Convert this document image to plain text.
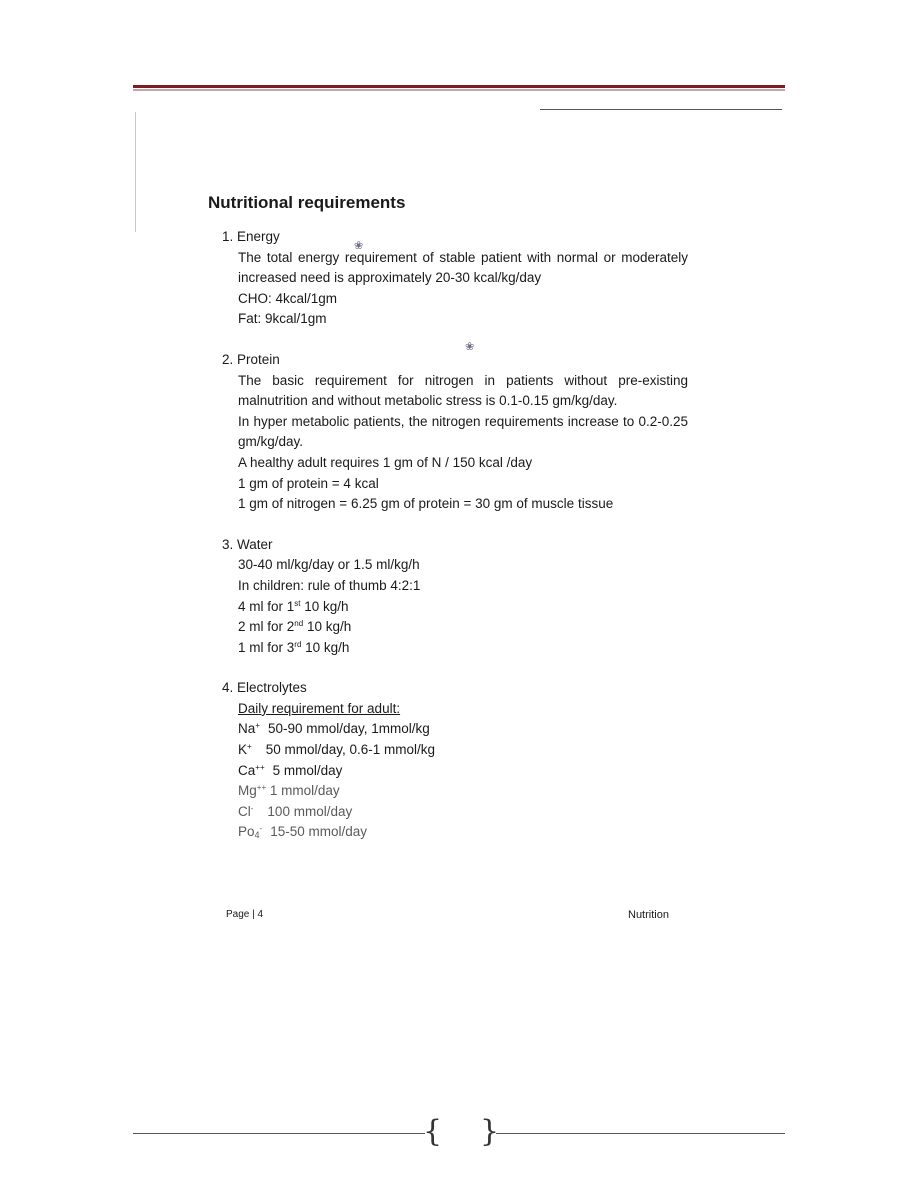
❀
❀
Nutritional requirements
1. Energy
The total energy requirement of stable patient with normal or moderately increased need is approximately 20-30 kcal/kg/day
CHO: 4kcal/1gm
Fat: 9kcal/1gm
2. Protein
The basic requirement for nitrogen in patients without pre-existing malnutrition and without metabolic stress is 0.1-0.15 gm/kg/day.
In hyper metabolic patients, the nitrogen requirements increase to 0.2-0.25 gm/kg/day.
A healthy adult requires 1 gm of N / 150 kcal /day
1 gm of protein = 4 kcal
1 gm of nitrogen = 6.25 gm of protein = 30 gm of muscle tissue
3. Water
30-40 ml/kg/day or 1.5 ml/kg/h
In children: rule of thumb 4:2:1
4 ml for 1st 10 kg/h
2 ml for 2nd 10 kg/h
1 ml for 3rd 10 kg/h
4. Electrolytes
Daily requirement for adult:
Na+ 50-90 mmol/day, 1mmol/kg
K+ 50 mmol/day, 0.6-1 mmol/kg
Ca++ 5 mmol/day
Mg++ 1 mmol/day
Cl- 100 mmol/day
$Po_4^-$ 15-50 mmol/day
Page | 4	Nutrition
{ }
